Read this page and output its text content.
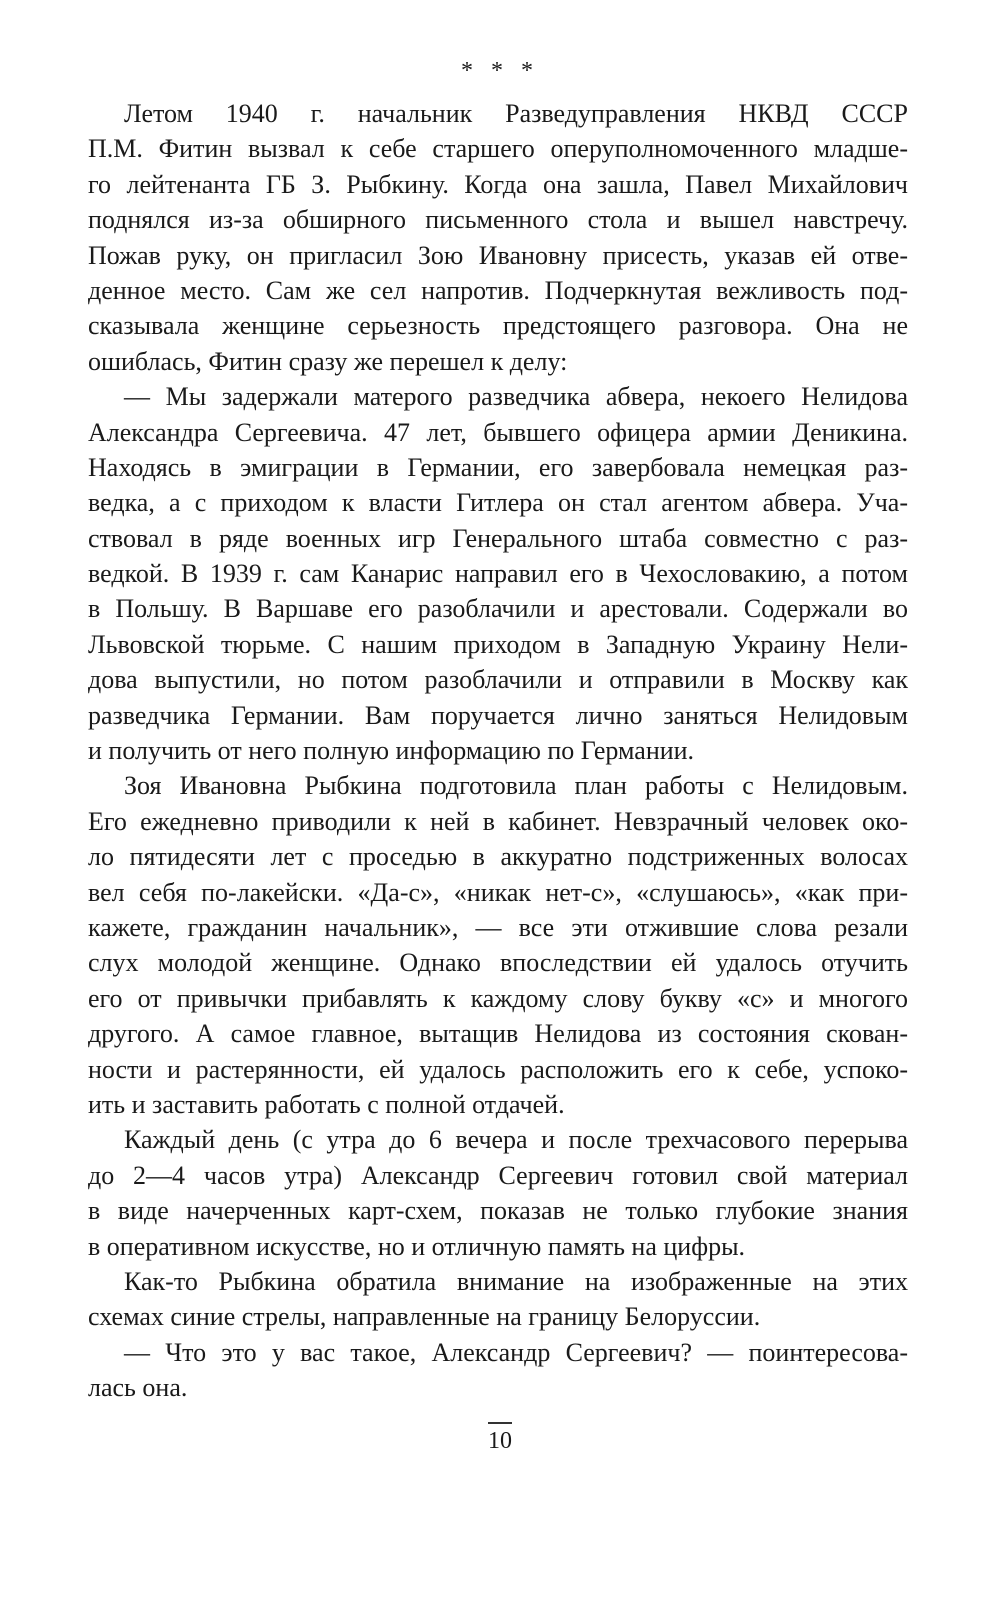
* * *
Летом 1940 г. начальник Разведуправления НКВД СССР
П.М. Фитин вызвал к себе старшего оперуполномоченного младше-
го лейтенанта ГБ З. Рыбкину. Когда она зашла, Павел Михайлович
поднялся из-за обширного письменного стола и вышел навстречу.
Пожав руку, он пригласил Зою Ивановну присесть, указав ей отве-
денное место. Сам же сел напротив. Подчеркнутая вежливость под-
сказывала женщине серьезность предстоящего разговора. Она не
ошиблась, Фитин сразу же перешел к делу:
— Мы задержали матерого разведчика абвера, некоего Нелидова
Александра Сергеевича. 47 лет, бывшего офицера армии Деникина.
Находясь в эмиграции в Германии, его завербовала немецкая раз-
ведка, а с приходом к власти Гитлера он стал агентом абвера. Уча-
ствовал в ряде военных игр Генерального штаба совместно с раз-
ведкой. В 1939 г. сам Канарис направил его в Чехословакию, а потом
в Польшу. В Варшаве его разоблачили и арестовали. Содержали во
Львовской тюрьме. С нашим приходом в Западную Украину Нели-
дова выпустили, но потом разоблачили и отправили в Москву как
разведчика Германии. Вам поручается лично заняться Нелидовым
и получить от него полную информацию по Германии.
Зоя Ивановна Рыбкина подготовила план работы с Нелидовым.
Его ежедневно приводили к ней в кабинет. Невзрачный человек око-
ло пятидесяти лет с проседью в аккуратно подстриженных волосах
вел себя по-лакейски. «Да-с», «никак нет-с», «слушаюсь», «как при-
кажете, гражданин начальник», — все эти отжившие слова резали
слух молодой женщине. Однако впоследствии ей удалось отучить
его от привычки прибавлять к каждому слову букву «с» и многого
другого. А самое главное, вытащив Нелидова из состояния скован-
ности и растерянности, ей удалось расположить его к себе, успоко-
ить и заставить работать с полной отдачей.
Каждый день (с утра до 6 вечера и после трехчасового перерыва
до 2—4 часов утра) Александр Сергеевич готовил свой материал
в виде начерченных карт-схем, показав не только глубокие знания
в оперативном искусстве, но и отличную память на цифры.
Как-то Рыбкина обратила внимание на изображенные на этих
схемах синие стрелы, направленные на границу Белоруссии.
— Что это у вас такое, Александр Сергеевич? — поинтересова-
лась она.
10
